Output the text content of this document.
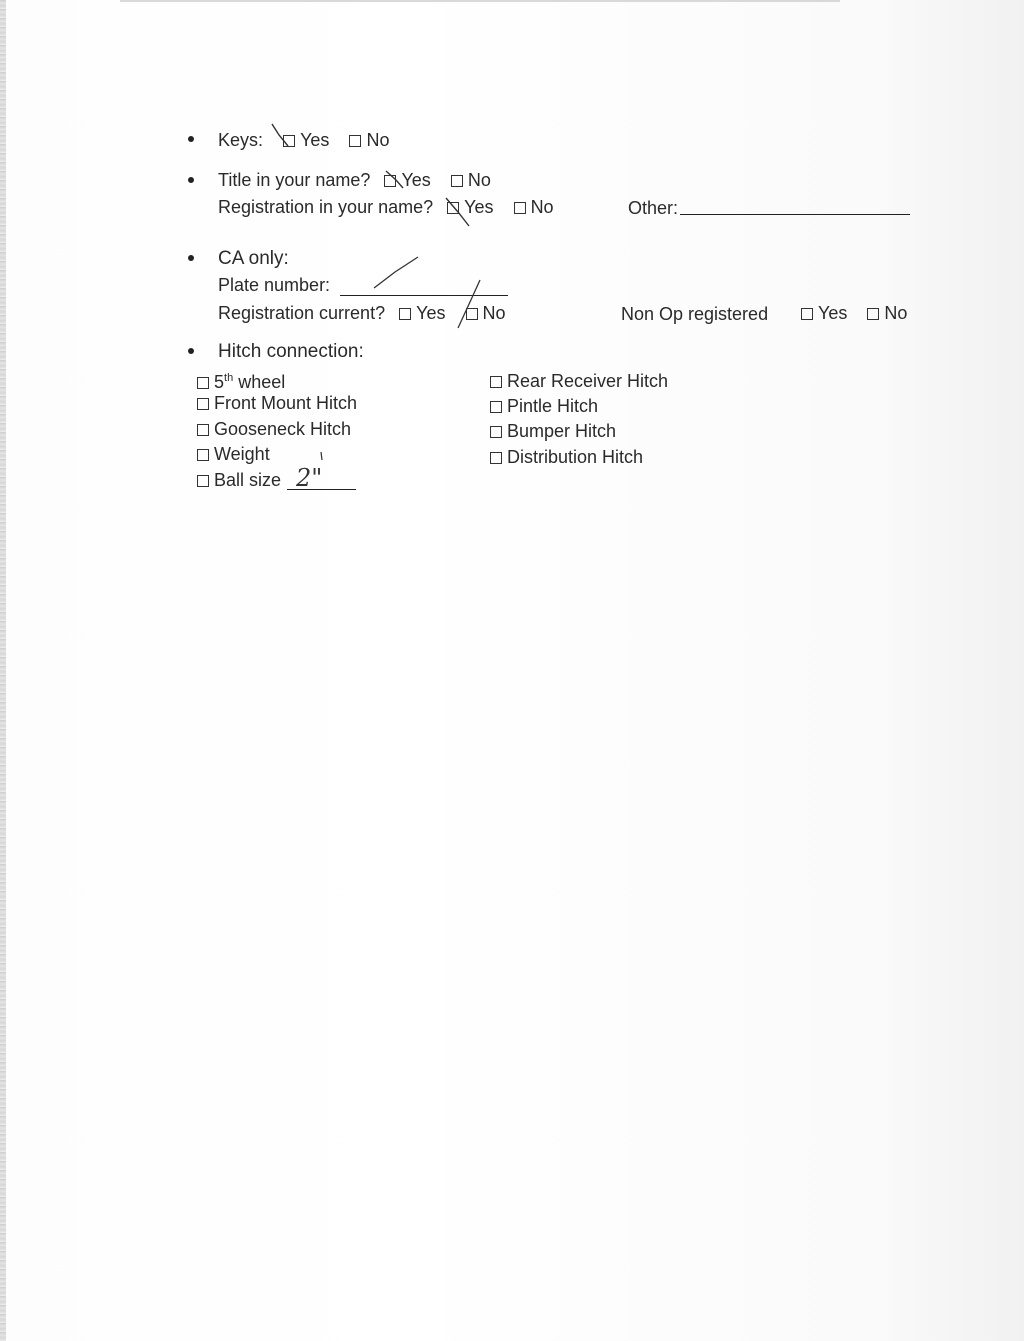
Keys: Yes No
Title in your name? Yes No
Registration in your name? Yes No	Other:
CA only:
Plate number:
Registration current? Yes No	Non Op registered	Yes No
Hitch connection:
5th wheel
Front Mount Hitch
Gooseneck Hitch
Weight
Ball size
Rear Receiver Hitch
Pintle Hitch
Bumper Hitch
Distribution Hitch
2"
